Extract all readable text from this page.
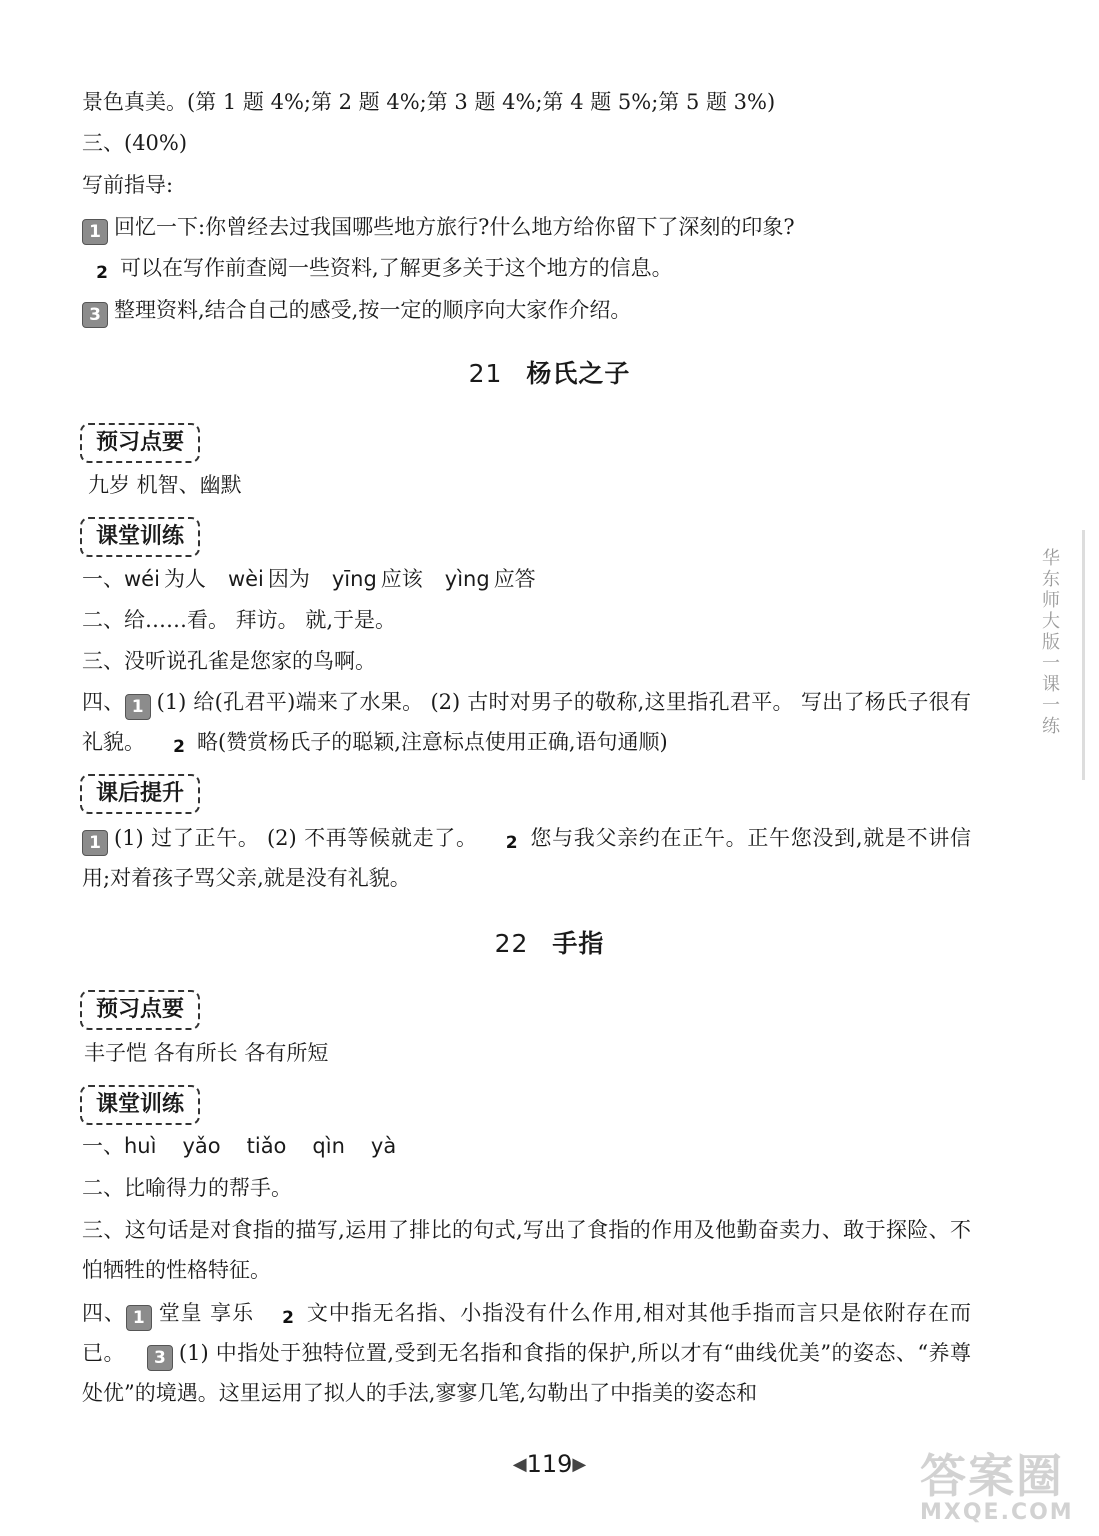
景色真美。(第 1 题 4%;第 2 题 4%;第 3 题 4%;第 4 题 5%;第 5 题 3%)
三、(40%)
写前指导:
1 回忆一下:你曾经去过我国哪些地方旅行?什么地方给你留下了深刻的印象?
2 可以在写作前查阅一些资料,了解更多关于这个地方的信息。
3 整理资料,结合自己的感受,按一定的顺序向大家作介绍。
21 杨氏之子
预习点要
九岁 机智、幽默
课堂训练
一、wéi 为人 wèi 因为 yīng 应该 yìng 应答
二、给……看。 拜访。 就,于是。
三、没听说孔雀是您家的鸟啊。
四、 1 (1) 给(孔君平)端来了水果。 (2) 古时对男子的敬称,这里指孔君平。 写出了杨氏子很有礼貌。 2 略(赞赏杨氏子的聪颖,注意标点使用正确,语句通顺)
课后提升
1 (1) 过了正午。 (2) 不再等候就走了。 2 您与我父亲约在正午。正午您没到,就是不讲信用;对着孩子骂父亲,就是没有礼貌。
22 手指
预习点要
丰子恺 各有所长 各有所短
课堂训练
一、huì yǎo tiǎo qìn yà
二、比喻得力的帮手。
三、这句话是对食指的描写,运用了排比的句式,写出了食指的作用及他勤奋卖力、敢于探险、不怕牺牲的性格特征。
四、 1 堂皇 享乐 2 文中指无名指、小指没有什么作用,相对其他手指而言只是依附存在而已。 3 (1) 中指处于独特位置,受到无名指和食指的保护,所以才有“曲线优美”的姿态、“养尊处优”的境遇。这里运用了拟人的手法,寥寥几笔,勾勒出了中指美的姿态和
华东师大版一课一练
◀119▶	答案圈
MXQE.COM
